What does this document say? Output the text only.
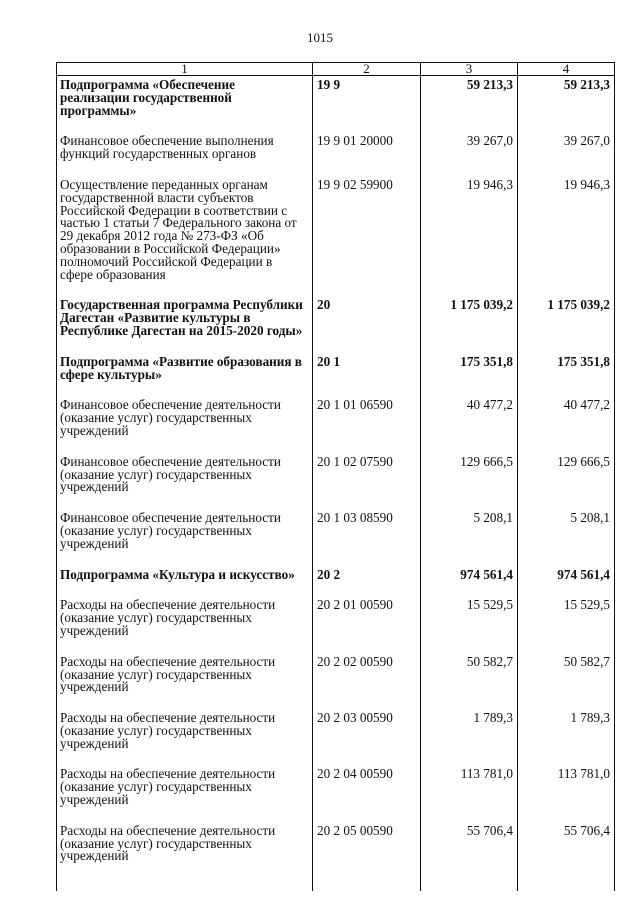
1015
1	2	3	4
Подпрограмма «Обеспечение реализации государственной программы»	19 9	59 213,3	59 213,3
Финансовое обеспечение выполнения функций государственных органов	19 9 01 20000	39 267,0	39 267,0
Осуществление переданных органам государственной власти субъектов Российской Федерации в соответствии с частью 1 статьи 7 Федерального закона от 29 декабря 2012 года № 273-ФЗ «Об образовании в Российской Федерации» полномочий Российской Федерации в сфере образования	19 9 02 59900	19 946,3	19 946,3
Государственная программа Республики Дагестан «Развитие культуры в Республике Дагестан на 2015-2020 годы»	20	1 175 039,2	1 175 039,2
Подпрограмма «Развитие образования в сфере культуры»	20 1	175 351,8	175 351,8
Финансовое обеспечение деятельности (оказание услуг) государственных учреждений	20 1 01 06590	40 477,2	40 477,2
Финансовое обеспечение деятельности (оказание услуг) государственных учреждений	20 1 02 07590	129 666,5	129 666,5
Финансовое обеспечение деятельности (оказание услуг) государственных учреждений	20 1 03 08590	5 208,1	5 208,1
Подпрограмма «Культура и искусство»	20 2	974 561,4	974 561,4
Расходы на обеспечение деятельности (оказание услуг) государственных учреждений	20 2 01 00590	15 529,5	15 529,5
Расходы на обеспечение деятельности (оказание услуг) государственных учреждений	20 2 02 00590	50 582,7	50 582,7
Расходы на обеспечение деятельности (оказание услуг) государственных учреждений	20 2 03 00590	1 789,3	1 789,3
Расходы на обеспечение деятельности (оказание услуг) государственных учреждений	20 2 04 00590	113 781,0	113 781,0
Расходы на обеспечение деятельности (оказание услуг) государственных учреждений	20 2 05 00590	55 706,4	55 706,4
